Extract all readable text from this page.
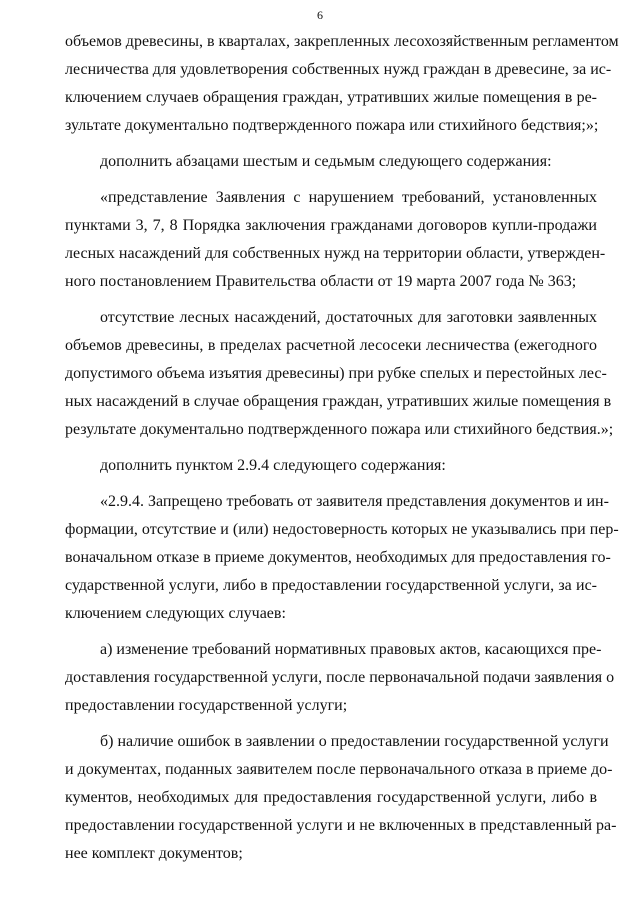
6
объемов древесины, в кварталах, закрепленных лесохозяйственным регламентом
лесничества для удовлетворения собственных нужд граждан в древесине, за ис-
ключением случаев обращения граждан, утративших жилые помещения в ре-
зультате документально подтвержденного пожара или стихийного бедствия;»;
дополнить абзацами шестым и седьмым следующего содержания:
«представление Заявления с нарушением требований, установленных
пунктами 3, 7, 8 Порядка заключения гражданами договоров купли-продажи
лесных насаждений для собственных нужд на территории области, утвержден-
ного постановлением Правительства области от 19 марта 2007 года № 363;
отсутствие лесных насаждений, достаточных для заготовки заявленных
объемов древесины, в пределах расчетной лесосеки лесничества (ежегодного
допустимого объема изъятия древесины) при рубке спелых и перестойных лес-
ных насаждений в случае обращения граждан, утративших жилые помещения в
результате документально подтвержденного пожара или стихийного бедствия.»;
дополнить пунктом 2.9.4 следующего содержания:
«2.9.4. Запрещено требовать от заявителя представления документов и ин-
формации, отсутствие и (или) недостоверность которых не указывались при пер-
воначальном отказе в приеме документов, необходимых для предоставления го-
сударственной услуги, либо в предоставлении государственной услуги, за ис-
ключением следующих случаев:
а) изменение требований нормативных правовых актов, касающихся пре-
доставления государственной услуги, после первоначальной подачи заявления о
предоставлении государственной услуги;
б) наличие ошибок в заявлении о предоставлении государственной услуги
и документах, поданных заявителем после первоначального отказа в приеме до-
кументов, необходимых для предоставления государственной услуги, либо в
предоставлении государственной услуги и не включенных в представленный ра-
нее комплект документов;
